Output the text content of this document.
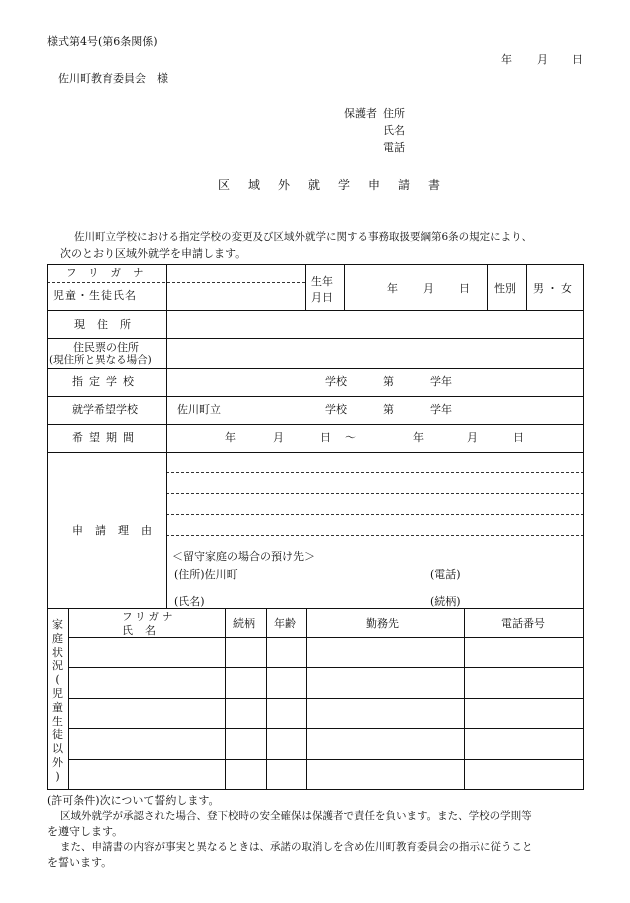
様式第4号(第6条関係)
年 月 日
佐川町教育委員会　様
保護者 住所
氏名
電話
区域外就学申請書
佐川町立学校における指定学校の変更及び区域外就学に関する事務取扱要綱第6条の規定により、
次のとおり区域外就学を申請します。
フリガナ
児童・生徒氏名
生年
月日
年 月 日 性別 男・女
現住所
住民票の住所
(現住所と異なる場合)
指定学校	学校	第	学年
就学希望学校	佐川町立	学校	第	学年
希望期間	年	月	日 ～	年	月	日
申請理由
＜留守家庭の場合の預け先＞
(住所)佐川町	(電話)
(氏名)	(続柄)
家
庭
状
況
(
児
童
生
徒
以
外
)
フリガナ
氏名
続柄 年齢	勤務先	電話番号
(許可条件)次について誓約します。
区域外就学が承認された場合、登下校時の安全確保は保護者で責任を負います。また、学校の学則等
を遵守します。
また、申請書の内容が事実と異なるときは、承諾の取消しを含め佐川町教育委員会の指示に従うこと
を誓います。
